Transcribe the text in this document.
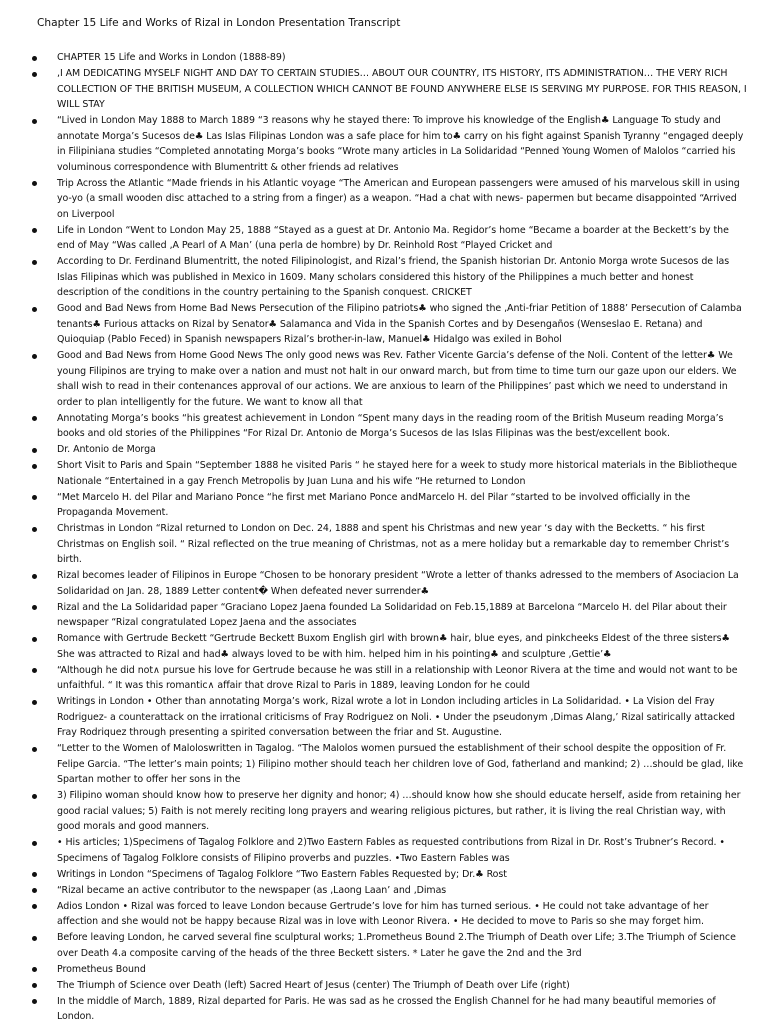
Chapter 15 Life and Works of Rizal in London Presentation Transcript
CHAPTER 15 Life and Works in London (1888-89)
,I AM DEDICATING MYSELF NIGHT AND DAY TO CERTAIN STUDIES… ABOUT OUR COUNTRY, ITS HISTORY, ITS ADMINISTRATION… THE VERY RICH COLLECTION OF THE BRITISH MUSEUM, A COLLECTION WHICH CANNOT BE FOUND ANYWHERE ELSE IS SERVING MY PURPOSE. FOR THIS REASON, I WILL STAY
“Lived in London May 1888 to March 1889 “3 reasons why he stayed there: To improve his knowledge of the English♣ Language To study and annotate Morga’s Sucesos de♣ Las Islas Filipinas London was a safe place for him to♣ carry on his fight against Spanish Tyranny “engaged deeply in Filipiniana studies “Completed annotating Morga’s books “Wrote many articles in La Solidaridad “Penned Young Women of Malolos “carried his voluminous correspondence with Blumentritt & other friends ad relatives
Trip Across the Atlantic “Made friends in his Atlantic voyage “The American and European passengers were amused of his marvelous skill in using yo-yo (a small wooden disc attached to a string from a finger) as a weapon. “Had a chat with news- papermen but became disappointed “Arrived on Liverpool
Life in London “Went to London May 25, 1888 “Stayed as a guest at Dr. Antonio Ma. Regidor’s home “Became a boarder at the Beckett’s by the end of May “Was called ,A Pearl of A Man’ (una perla de hombre) by Dr. Reinhold Rost “Played Cricket and
According to Dr. Ferdinand Blumentritt, the noted Filipinologist, and Rizal’s friend, the Spanish historian Dr. Antonio Morga wrote Sucesos de las Islas Filipinas which was published in Mexico in 1609. Many scholars considered this history of the Philippines a much better and honest description of the conditions in the country pertaining to the Spanish conquest. CRICKET
Good and Bad News from Home Bad News Persecution of the Filipino patriots♣ who signed the ,Anti-friar Petition of 1888’ Persecution of Calamba tenants♣ Furious attacks on Rizal by Senator♣ Salamanca and Vida in the Spanish Cortes and by Desengaños (Wenseslao E. Retana) and Quioquiap (Pablo Feced) in Spanish newspapers Rizal’s brother-in-law, Manuel♣ Hidalgo was exiled in Bohol
Good and Bad News from Home Good News The only good news was Rev. Father Vicente Garcia’s defense of the Noli. Content of the letter♣ We young Filipinos are trying to make over a nation and must not halt in our onward march, but from time to time turn our gaze upon our elders. We shall wish to read in their contenances approval of our actions. We are anxious to learn of the Philippines’ past which we need to understand in order to plan intelligently for the future. We want to know all that
Annotating Morga’s books “his greatest achievement in London “Spent many days in the reading room of the British Museum reading Morga’s books and old stories of the Philippines “For Rizal Dr. Antonio de Morga’s Sucesos de las Islas Filipinas was the best/excellent book.
Dr. Antonio de Morga
Short Visit to Paris and Spain “September 1888 he visited Paris “ he stayed here for a week to study more historical materials in the Bibliotheque Nationale “Entertained in a gay French Metropolis by Juan Luna and his wife “He returned to London
“Met Marcelo H. del Pilar and Mariano Ponce “he first met Mariano Ponce andMarcelo H. del Pilar “started to be involved officially in the Propaganda Movement.
Christmas in London “Rizal returned to London on Dec. 24, 1888 and spent his Christmas and new year ‘s day with the Becketts. “ his first Christmas on English soil. “ Rizal reflected on the true meaning of Christmas, not as a mere holiday but a remarkable day to remember Christ’s birth.
Rizal becomes leader of Filipinos in Europe “Chosen to be honorary president “Wrote a letter of thanks adressed to the members of Asociacion La Solidaridad on Jan. 28, 1889 Letter content� When defeated never surrender♣
Rizal and the La Solidaridad paper “Graciano Lopez Jaena founded La Solidaridad on Feb.15,1889 at Barcelona “Marcelo H. del Pilar about their newspaper “Rizal congratulated Lopez Jaena and the associates
Romance with Gertrude Beckett “Gertrude Beckett Buxom English girl with brown♣ hair, blue eyes, and pinkcheeks Eldest of the three sisters♣ She was attracted to Rizal and had♣ always loved to be with him. helped him in his pointing♣ and sculpture ,Gettie’♣
“Although he did not∧ pursue his love for Gertrude because he was still in a relationship with Leonor Rivera at the time and would not want to be unfaithful. “ It was this romantic∧ affair that drove Rizal to Paris in 1889, leaving London for he could
Writings in London • Other than annotating Morga’s work, Rizal wrote a lot in London including articles in La Solidaridad. • La Vision del Fray Rodriguez- a counterattack on the irrational criticisms of Fray Rodriguez on Noli. • Under the pseudonym ,Dimas Alang,’ Rizal satirically attacked Fray Rodriquez through presenting a spirited conversation between the friar and St. Augustine.
“Letter to the Women of Maloloswritten in Tagalog. “The Malolos women pursued the establishment of their school despite the opposition of Fr. Felipe Garcia. “The letter’s main points; 1) Filipino mother should teach her children love of God, fatherland and mankind; 2) …should be glad, like Spartan mother to offer her sons in the
3) Filipino woman should know how to preserve her dignity and honor; 4) …should know how she should educate herself, aside from retaining her good racial values; 5) Faith is not merely reciting long prayers and wearing religious pictures, but rather, it is living the real Christian way, with good morals and good manners.
• His articles; 1)Specimens of Tagalog Folklore and 2)Two Eastern Fables as requested contributions from Rizal in Dr. Rost’s Trubner’s Record. • Specimens of Tagalog Folklore consists of Filipino proverbs and puzzles. •Two Eastern Fables was
Writings in London “Specimens of Tagalog Folklore “Two Eastern Fables Requested by; Dr.♣ Rost
“Rizal became an active contributor to the newspaper (as ,Laong Laan’ and ,Dimas
Adios London • Rizal was forced to leave London because Gertrude’s love for him has turned serious. • He could not take advantage of her affection and she would not be happy because Rizal was in love with Leonor Rivera. • He decided to move to Paris so she may forget him.
Before leaving London, he carved several fine sculptural works; 1.Prometheus Bound 2.The Triumph of Death over Life; 3.The Triumph of Science over Death 4.a composite carving of the heads of the three Beckett sisters. * Later he gave the 2nd and the 3rd
Prometheus Bound
The Triumph of Science over Death (left) Sacred Heart of Jesus (center) The Triumph of Death over Life (right)
In the middle of March, 1889, Rizal departed for Paris. He was sad as he crossed the English Channel for he had many beautiful memories of London.
